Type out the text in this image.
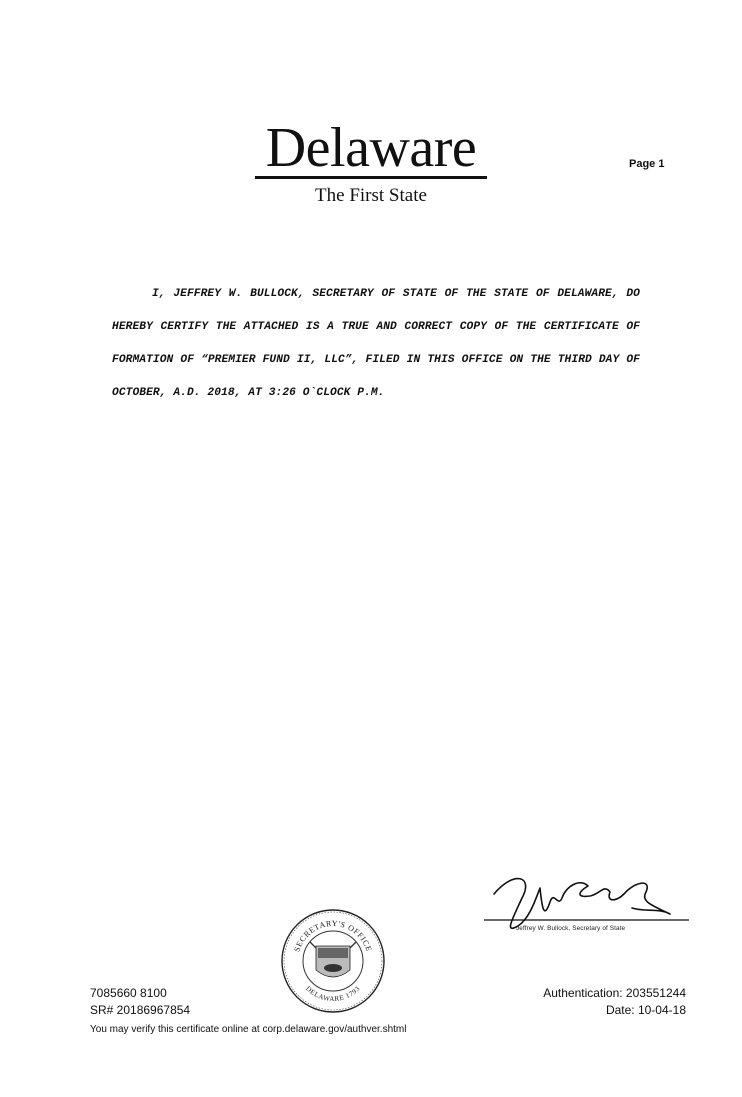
Delaware
The First State
Page 1
I, JEFFREY W. BULLOCK, SECRETARY OF STATE OF THE STATE OF DELAWARE, DO HEREBY CERTIFY THE ATTACHED IS A TRUE AND CORRECT COPY OF THE CERTIFICATE OF FORMATION OF “PREMIER FUND II, LLC”, FILED IN THIS OFFICE ON THE THIRD DAY OF OCTOBER, A.D. 2018, AT 3:26 O`CLOCK P.M.
Jeffrey W. Bullock, Secretary of State
SECRETARY'S OFFICE
DELAWARE 1793
7085660 8100
SR# 20186967854
Authentication: 203551244
Date: 10-04-18
You may verify this certificate online at corp.delaware.gov/authver.shtml
